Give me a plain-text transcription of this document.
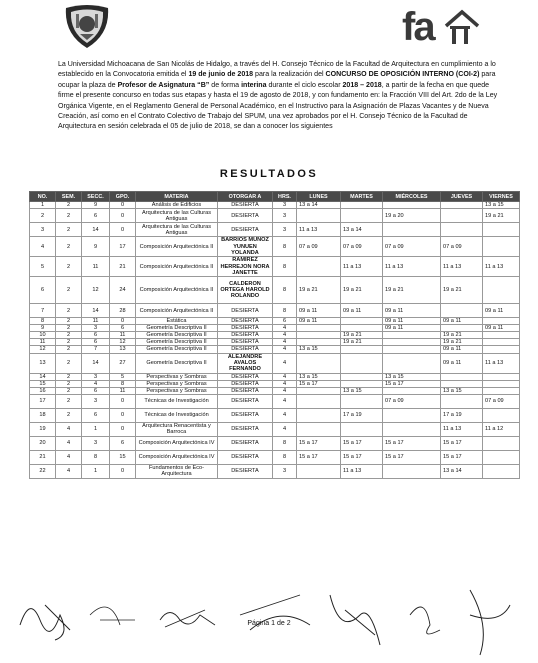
fa
La Universidad Michoacana de San Nicolás de Hidalgo, a través del H. Consejo Técnico de la Facultad de Arquitectura en cumplimiento a lo establecido en la Convocatoria emitida el 19 de junio de 2018 para la realización del CONCURSO DE OPOSICIÓN INTERNO (COI-2) para ocupar la plaza de Profesor de Asignatura “B” de forma interina durante el ciclo escolar 2018 – 2018, a partir de la fecha en que quede firme el presente concurso en todas sus etapas y hasta el 19 de agosto de 2018, y con fundamento en: la Fracción VIII del Art. 2do de la Ley Orgánica Vigente, en el Reglamento General de Personal Académico, en el Instructivo para la Asignación de Plazas Vacantes y de Nueva Creación, así como en el Contrato Colectivo de Trabajo del SPUM, una vez aprobados por el H. Consejo Técnico de la Facultad de Arquitectura en sesión celebrada el 05 de julio de 2018, se dan a conocer los siguientes
RESULTADOS
NO.	SEM.	SECC.	GPO.	MATERIA	OTORGAR A	HRS.	LUNES	MARTES	MIÉRCOLES	JUEVES	VIERNES
1	2	9	0	Análisis de Edificios	DESIERTA	3	13 a 14				13 a 15
2	2	6	0	Arquitectura de las Culturas Antiguas	DESIERTA	3			19 a 20		19 a 21
3	2	14	0	Arquitectura de las Culturas Antiguas	DESIERTA	3	11 a 13	13 a 14			
4	2	9	17	Composición Arquitectónica II	BARRIOS MUÑOZ YUNUEN YOLANDA	8	07 a 09	07 a 09	07 a 09	07 a 09	
5	2	11	21	Composición Arquitectónica II	RAMIREZ HERREJON NORA JANETTE	8		11 a 13	11 a 13	11 a 13	11 a 13
6	2	12	24	Composición Arquitectónica II	CALDERON ORTEGA HAROLD ROLANDO	8	19 a 21	19 a 21	19 a 21	19 a 21	
7	2	14	28	Composición Arquitectónica II	DESIERTA	8	09 a 11	09 a 11	09 a 11		09 a 11
8	2	11	0	Estática	DESIERTA	6	09 a 11		09 a 11	09 a 11	
9	2	3	6	Geometría Descriptiva II	DESIERTA	4			09 a 11		09 a 11
10	2	6	11	Geometría Descriptiva II	DESIERTA	4		19 a 21		19 a 21	
11	2	6	12	Geometría Descriptiva II	DESIERTA	4		19 a 21		19 a 21	
12	2	7	13	Geometría Descriptiva II	DESIERTA	4	13 a 15			09 a 11	
13	2	14	27	Geometría Descriptiva II	ALEJANDRE AVALOS FERNANDO	4				09 a 11	11 a 13
14	2	3	5	Perspectivas y Sombras	DESIERTA	4	13 a 15		13 a 15		
15	2	4	8	Perspectivas y Sombras	DESIERTA	4	15 a 17		15 a 17		
16	2	6	11	Perspectivas y Sombras	DESIERTA	4		13 a 15		13 a 15	
17	2	3	0	Técnicas de Investigación	DESIERTA	4			07 a 09		07 a 09
18	2	6	0	Técnicas de Investigación	DESIERTA	4		17 a 19		17 a 19	
19	4	1	0	Arquitectura Renacentista y Barroca	DESIERTA	4				11 a 13	11 a 12
20	4	3	6	Composición Arquitectónica IV	DESIERTA	8	15 a 17	15 a 17	15 a 17	15 a 17	
21	4	8	15	Composición Arquitectónica IV	DESIERTA	8	15 a 17	15 a 17	15 a 17	15 a 17	
22	4	1	0	Fundamentos de Eco-Arquitectura	DESIERTA	3		11 a 13		13 a 14	
Página 1 de 2
